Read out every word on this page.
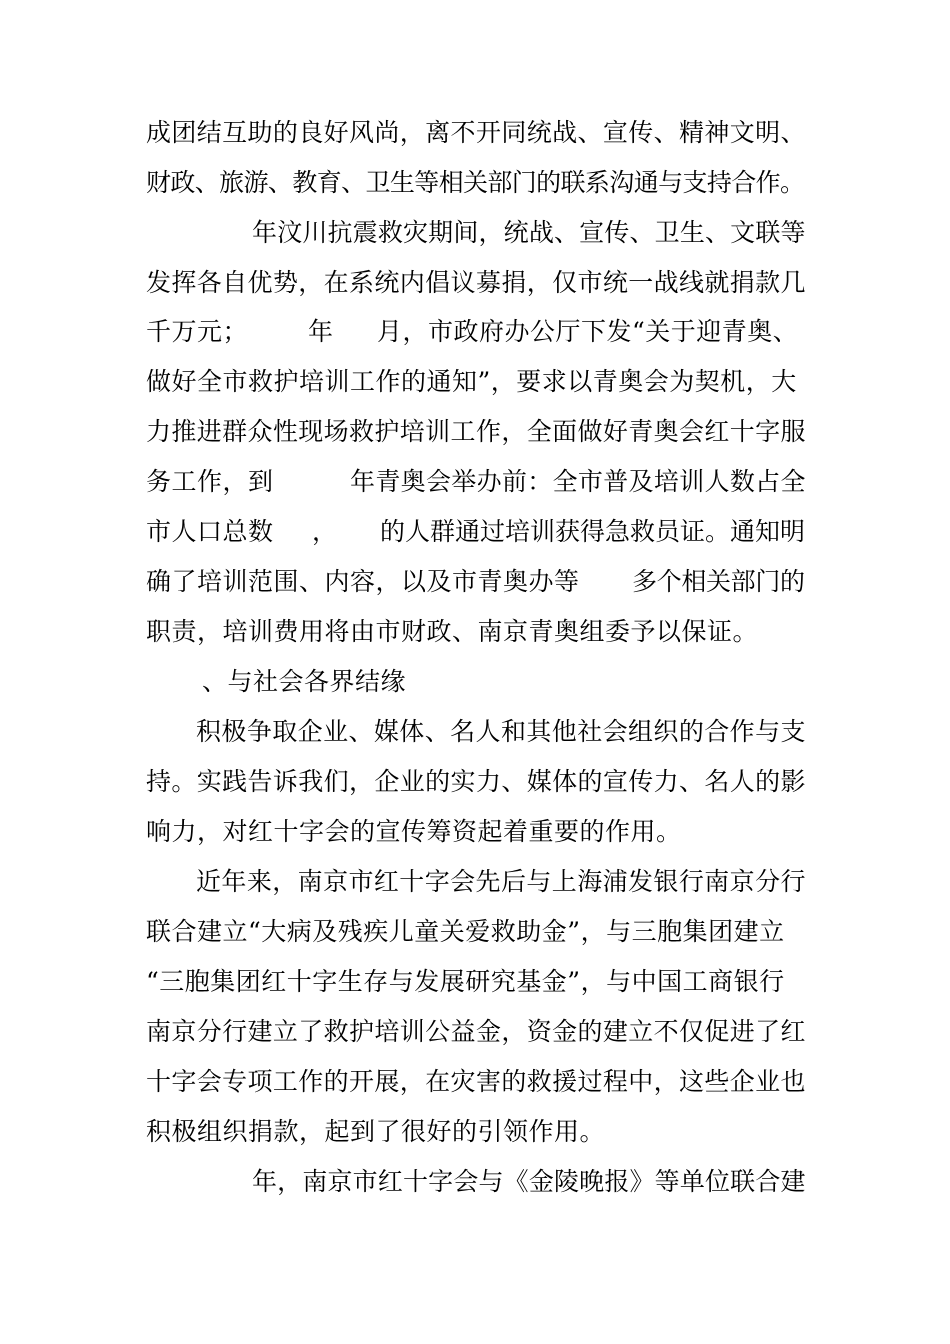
成团结互助的良好风尚，离不开同统战、宣传、精神文明、

财政、旅游、教育、卫生等相关部门的联系沟通与支持合作。

年汶川抗震救灾期间，统战、宣传、卫生、文联等

发挥各自优势，在系统内倡议募捐，仅市统一战线就捐款几

千万元； 年 月，市政府办公厅下发“关于迎青奥、

做好全市救护培训工作的通知”，要求以青奥会为契机，大

力推进群众性现场救护培训工作，全面做好青奥会红十字服

务工作，到	年青奥会举办前：全市普及培训人数占全

市人口总数 ， 的人群通过培训获得急救员证。通知明

确了培训范围、内容，以及市青奥办等 多个相关部门的

职责，培训费用将由市财政、南京青奥组委予以保证。

、与社会各界结缘

积极争取企业、媒体、名人和其他社会组织的合作与支

持。实践告诉我们，企业的实力、媒体的宣传力、名人的影

响力，对红十字会的宣传筹资起着重要的作用。

近年来，南京市红十字会先后与上海浦发银行南京分行

联合建立“大病及残疾儿童关爱救助金”，与三胞集团建立

“三胞集团红十字生存与发展研究基金”，与中国工商银行

南京分行建立了救护培训公益金，资金的建立不仅促进了红

十字会专项工作的开展，在灾害的救援过程中，这些企业也

积极组织捐款，起到了很好的引领作用。

年，南京市红十字会与《金陵晚报》等单位联合建
